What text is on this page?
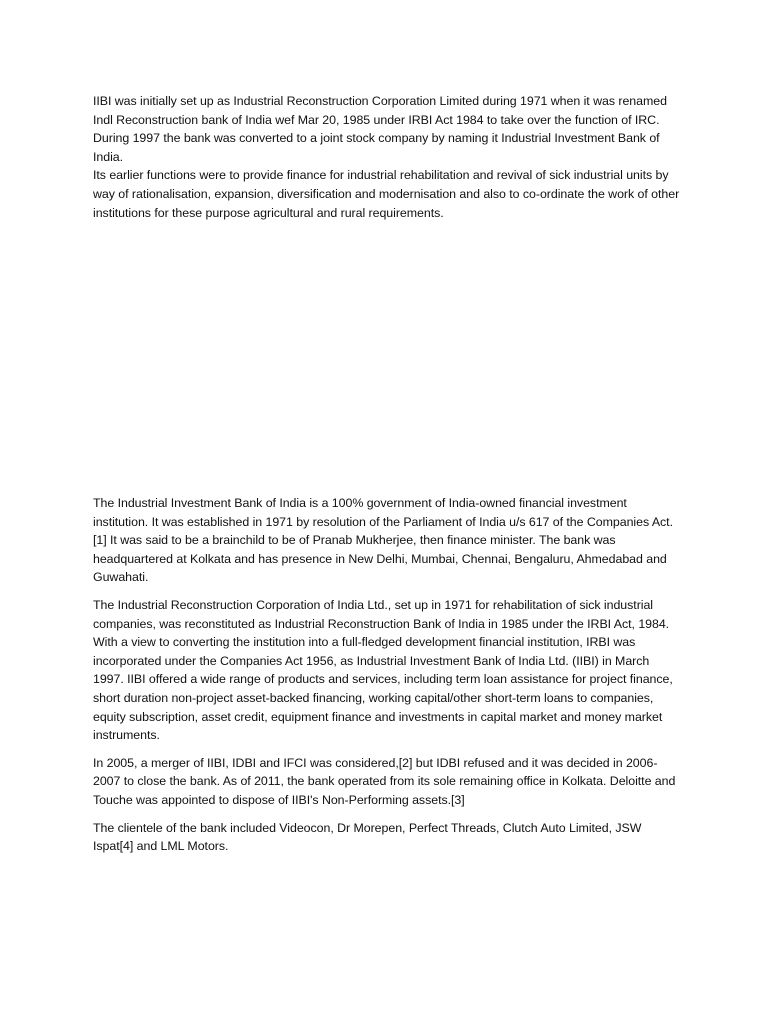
IIBI was initially set up as Industrial Reconstruction Corporation Limited during 1971 when it was renamed Indl Reconstruction bank of India wef Mar 20, 1985 under IRBI Act 1984 to take over the function of IRC. During 1997 the bank was converted to a joint stock company by naming it Industrial Investment Bank of India.

Its earlier functions were to provide finance for industrial rehabilitation and revival of sick industrial units by way of rationalisation, expansion, diversification and modernisation and also to co-ordinate the work of other institutions for these purpose agricultural and rural requirements.

The Industrial Investment Bank of India is a 100% government of India-owned financial investment institution. It was established in 1971 by resolution of the Parliament of India u/s 617 of the Companies Act.[1] It was said to be a brainchild to be of Pranab Mukherjee, then finance minister. The bank was headquartered at Kolkata and has presence in New Delhi, Mumbai, Chennai, Bengaluru, Ahmedabad and Guwahati.

The Industrial Reconstruction Corporation of India Ltd., set up in 1971 for rehabilitation of sick industrial companies, was reconstituted as Industrial Reconstruction Bank of India in 1985 under the IRBI Act, 1984. With a view to converting the institution into a full-fledged development financial institution, IRBI was incorporated under the Companies Act 1956, as Industrial Investment Bank of India Ltd. (IIBI) in March 1997. IIBI offered a wide range of products and services, including term loan assistance for project finance, short duration non-project asset-backed financing, working capital/other short-term loans to companies, equity subscription, asset credit, equipment finance and investments in capital market and money market instruments.

In 2005, a merger of IIBI, IDBI and IFCI was considered,[2] but IDBI refused and it was decided in 2006-2007 to close the bank. As of 2011, the bank operated from its sole remaining office in Kolkata. Deloitte and Touche was appointed to dispose of IIBI's Non-Performing assets.[3]

The clientele of the bank included Videocon, Dr Morepen, Perfect Threads, Clutch Auto Limited, JSW Ispat[4] and LML Motors.
